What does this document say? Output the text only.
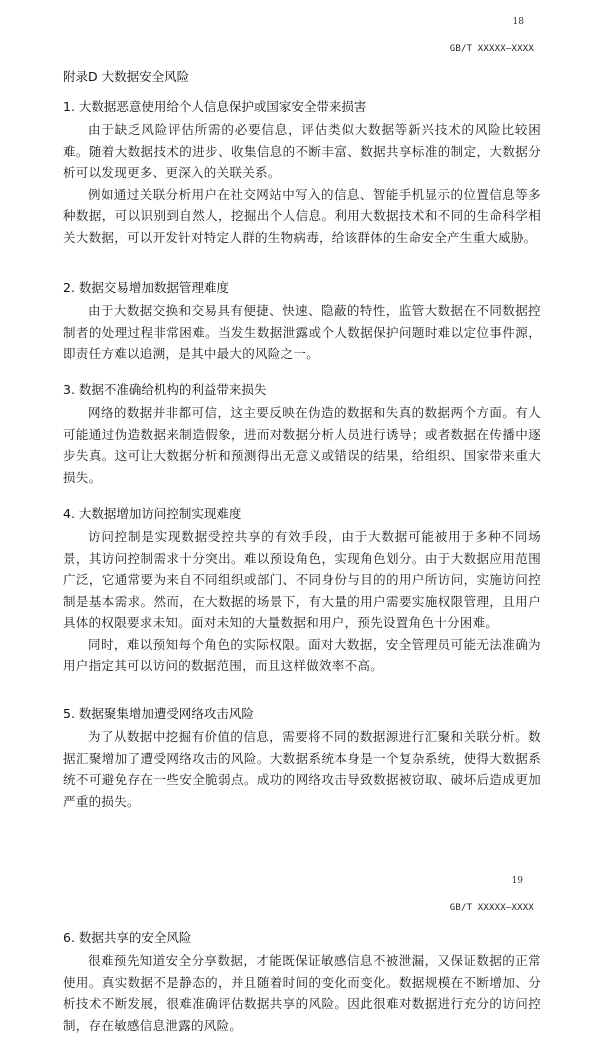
18
GB/T XXXXX—XXXX
附录D 大数据安全风险
1. 大数据恶意使用给个人信息保护或国家安全带来损害

由于缺乏风险评估所需的必要信息，评估类似大数据等新兴技术的风险比较困难。随着大数据技术的进步、收集信息的不断丰富、数据共享标准的制定，大数据分析可以发现更多、更深入的关联关系。

例如通过关联分析用户在社交网站中写入的信息、智能手机显示的位置信息等多种数据，可以识别到自然人，挖掘出个人信息。利用大数据技术和不同的生命科学相关大数据，可以开发针对特定人群的生物病毒，给该群体的生命安全产生重大威胁。

2. 数据交易增加数据管理难度

由于大数据交换和交易具有便捷、快速、隐蔽的特性，监管大数据在不同数据控制者的处理过程非常困难。当发生数据泄露或个人数据保护问题时难以定位事件源，即责任方难以追溯，是其中最大的风险之一。

3. 数据不准确给机构的利益带来损失

网络的数据并非都可信，这主要反映在伪造的数据和失真的数据两个方面。有人可能通过伪造数据来制造假象，进而对数据分析人员进行诱导；或者数据在传播中逐步失真。这可让大数据分析和预测得出无意义或错误的结果，给组织、国家带来重大损失。

4. 大数据增加访问控制实现难度

访问控制是实现数据受控共享的有效手段，由于大数据可能被用于多种不同场景，其访问控制需求十分突出。难以预设角色，实现角色划分。由于大数据应用范围广泛，它通常要为来自不同组织或部门、不同身份与目的的用户所访问，实施访问控制是基本需求。然而，在大数据的场景下，有大量的用户需要实施权限管理，且用户具体的权限要求未知。面对未知的大量数据和用户，预先设置角色十分困难。

同时，难以预知每个角色的实际权限。面对大数据，安全管理员可能无法准确为用户指定其可以访问的数据范围，而且这样做效率不高。

5. 数据聚集增加遭受网络攻击风险

为了从数据中挖掘有价值的信息，需要将不同的数据源进行汇聚和关联分析。数据汇聚增加了遭受网络攻击的风险。大数据系统本身是一个复杂系统，使得大数据系统不可避免存在一些安全脆弱点。成功的网络攻击导致数据被窃取、破坏后造成更加严重的损失。

19
GB/T XXXXX—XXXX
6. 数据共享的安全风险

很难预先知道安全分享数据，才能既保证敏感信息不被泄漏，又保证数据的正常使用。真实数据不是静态的，并且随着时间的变化而变化。数据规模在不断增加、分析技术不断发展，很难准确评估数据共享的风险。因此很难对数据进行充分的访问控制，存在敏感信息泄露的风险。
